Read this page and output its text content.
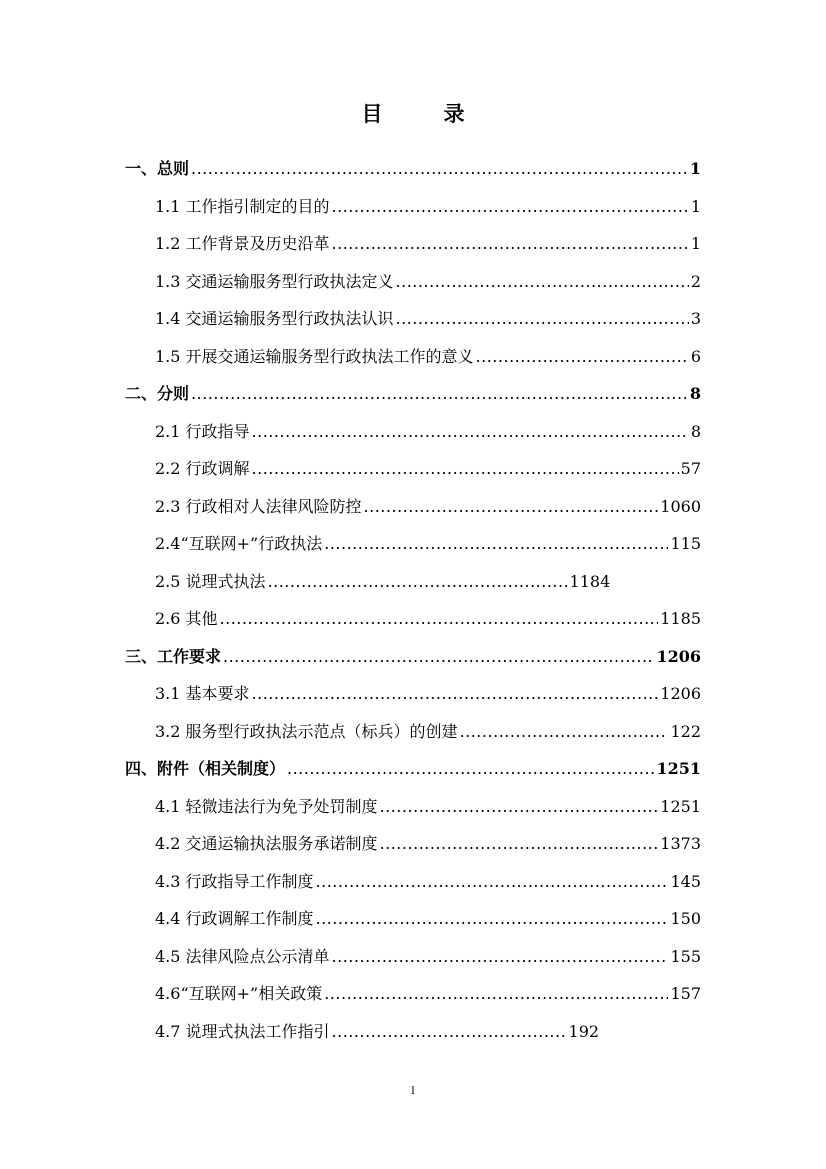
目　录
一、总则 .....	1
1.1 工作指引制定的目的 .....	1
1.2 工作背景及历史沿革 .....	1
1.3 交通运输服务型行政执法定义 .....	2
1.4 交通运输服务型行政执法认识 .....	3
1.5 开展交通运输服务型行政执法工作的意义 .....	6
二、分则 .....	8
2.1 行政指导 .....	8
2.2 行政调解 .....	57
2.3 行政相对人法律风险防控 .....	1060
2.4“互联网+”行政执法 .....	115
2.5 说理式执法 .....	1184
2.6 其他 .....	1185
三、工作要求 .....	1206
3.1 基本要求 .....	1206
3.2 服务型行政执法示范点（标兵）的创建 .....	122
四、附件（相关制度） .....	1251
4.1 轻微违法行为免予处罚制度 .....	1251
4.2 交通运输执法服务承诺制度 .....	1373
4.3 行政指导工作制度 .....	145
4.4 行政调解工作制度 .....	150
4.5 法律风险点公示清单 .....	155
4.6“互联网+”相关政策 .....	157
4.7 说理式执法工作指引 .....	192
I
